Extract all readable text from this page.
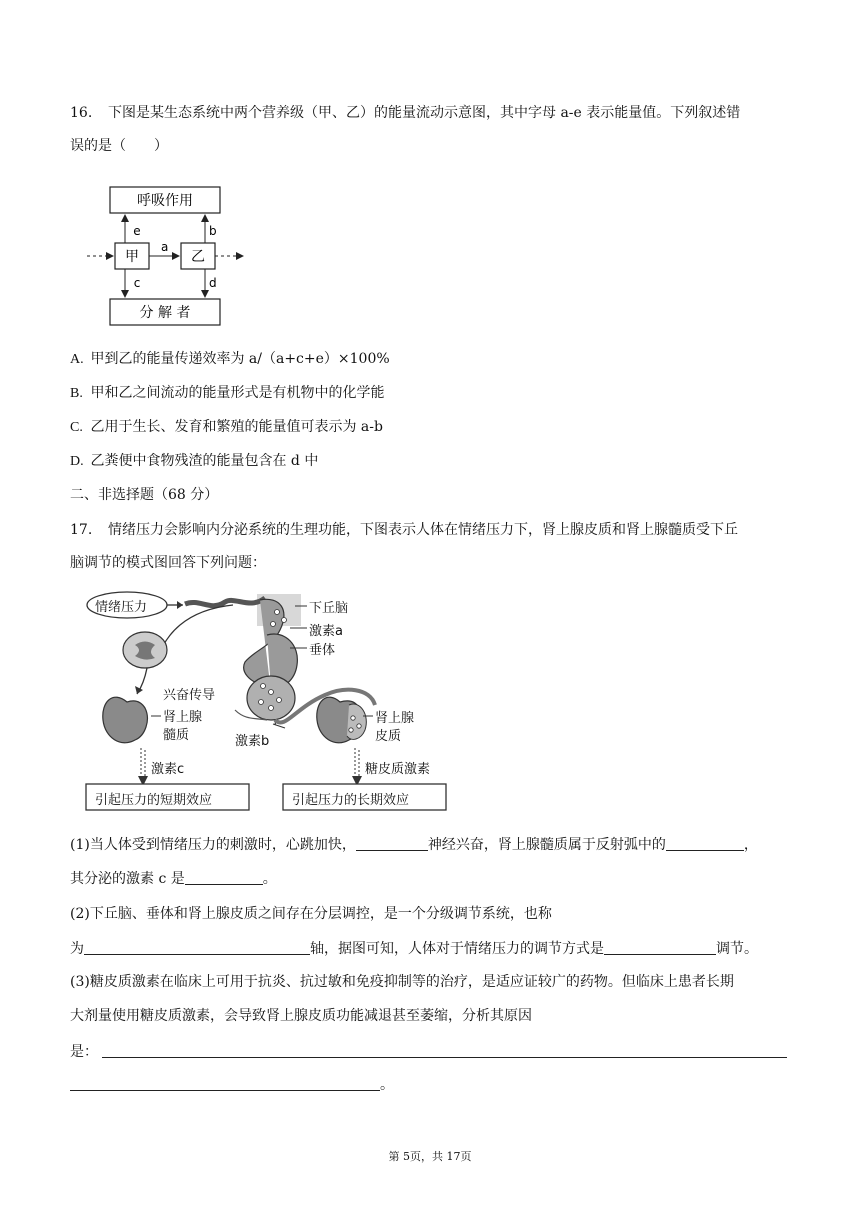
16. 下图是某生态系统中两个营养级（甲、乙）的能量流动示意图，其中字母 a-e 表示能量值。下列叙述错
误的是（　　）
呼吸作用
分 解 者
甲	乙
a
e	b
c	d
A. 甲到乙的能量传递效率为 a/（a+c+e）×100%
B. 甲和乙之间流动的能量形式是有机物中的化学能
C. 乙用于生长、发育和繁殖的能量值可表示为 a-b
D. 乙粪便中食物残渣的能量包含在 d 中
二、非选择题（68 分）
17. 情绪压力会影响内分泌系统的生理功能，下图表示人体在情绪压力下，肾上腺皮质和肾上腺髓质受下丘
脑调节的模式图回答下列问题：
情绪压力	下丘脑
激素a
垂体
兴奋传导
肾上腺
髓质	激素b
肾上腺
皮质
激素c	糖皮质激素
引起压力的短期效应	引起压力的长期效应
(1)当人体受到情绪压力的刺激时，心跳加快，	神经兴奋，肾上腺髓质属于反射弧中的	，
其分泌的激素 c 是	。
(2)下丘脑、垂体和肾上腺皮质之间存在分层调控，是一个分级调节系统，也称
为	轴，据图可知，人体对于情绪压力的调节方式是	调节。
(3)糖皮质激素在临床上可用于抗炎、抗过敏和免疫抑制等的治疗，是适应证较广的药物。但临床上患者长期
大剂量使用糖皮质激素，会导致肾上腺皮质功能减退甚至萎缩，分析其原因
是：
。
第 5页，共 17页
